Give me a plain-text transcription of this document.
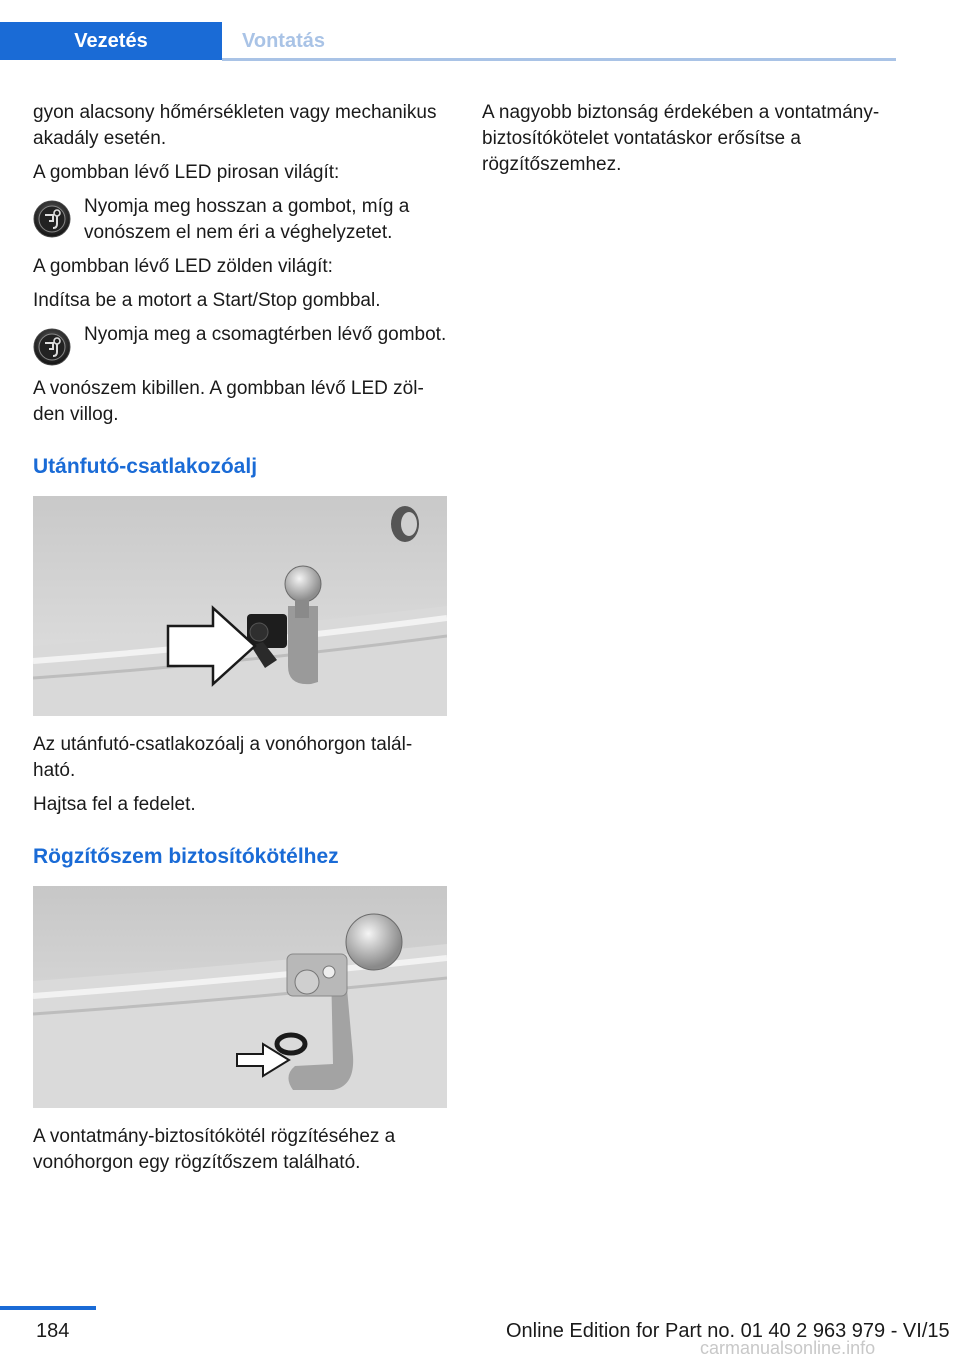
Vezetés	Vontatás

gyon alacsony hőmérsékleten vagy mechanikus akadály esetén.

A gombban lévő LED pirosan világít:

Nyomja meg hosszan a gombot, míg a vonószem el nem éri a véghelyzetet.

A gombban lévő LED zölden világít:

Indítsa be a motort a Start/Stop gombbal.

Nyomja meg a csomagtérben lévő gombot.

A vonószem kibillen. A gombban lévő LED zölden villog.

Utánfutó-csatlakozóalj

Az utánfutó-csatlakozóalj a vonóhorgon található.

Hajtsa fel a fedelet.

Rögzítőszem biztosítókötélhez

A vontatmány-biztosítókötél rögzítéséhez a vonóhorgon egy rögzítőszem található.

A nagyobb biztonság érdekében a vontatmány-biztosítókötelet vontatáskor erősítse a rögzítőszemhez.

184	Online Edition for Part no. 01 40 2 963 979 - VI/15
carmanualsonline.info
